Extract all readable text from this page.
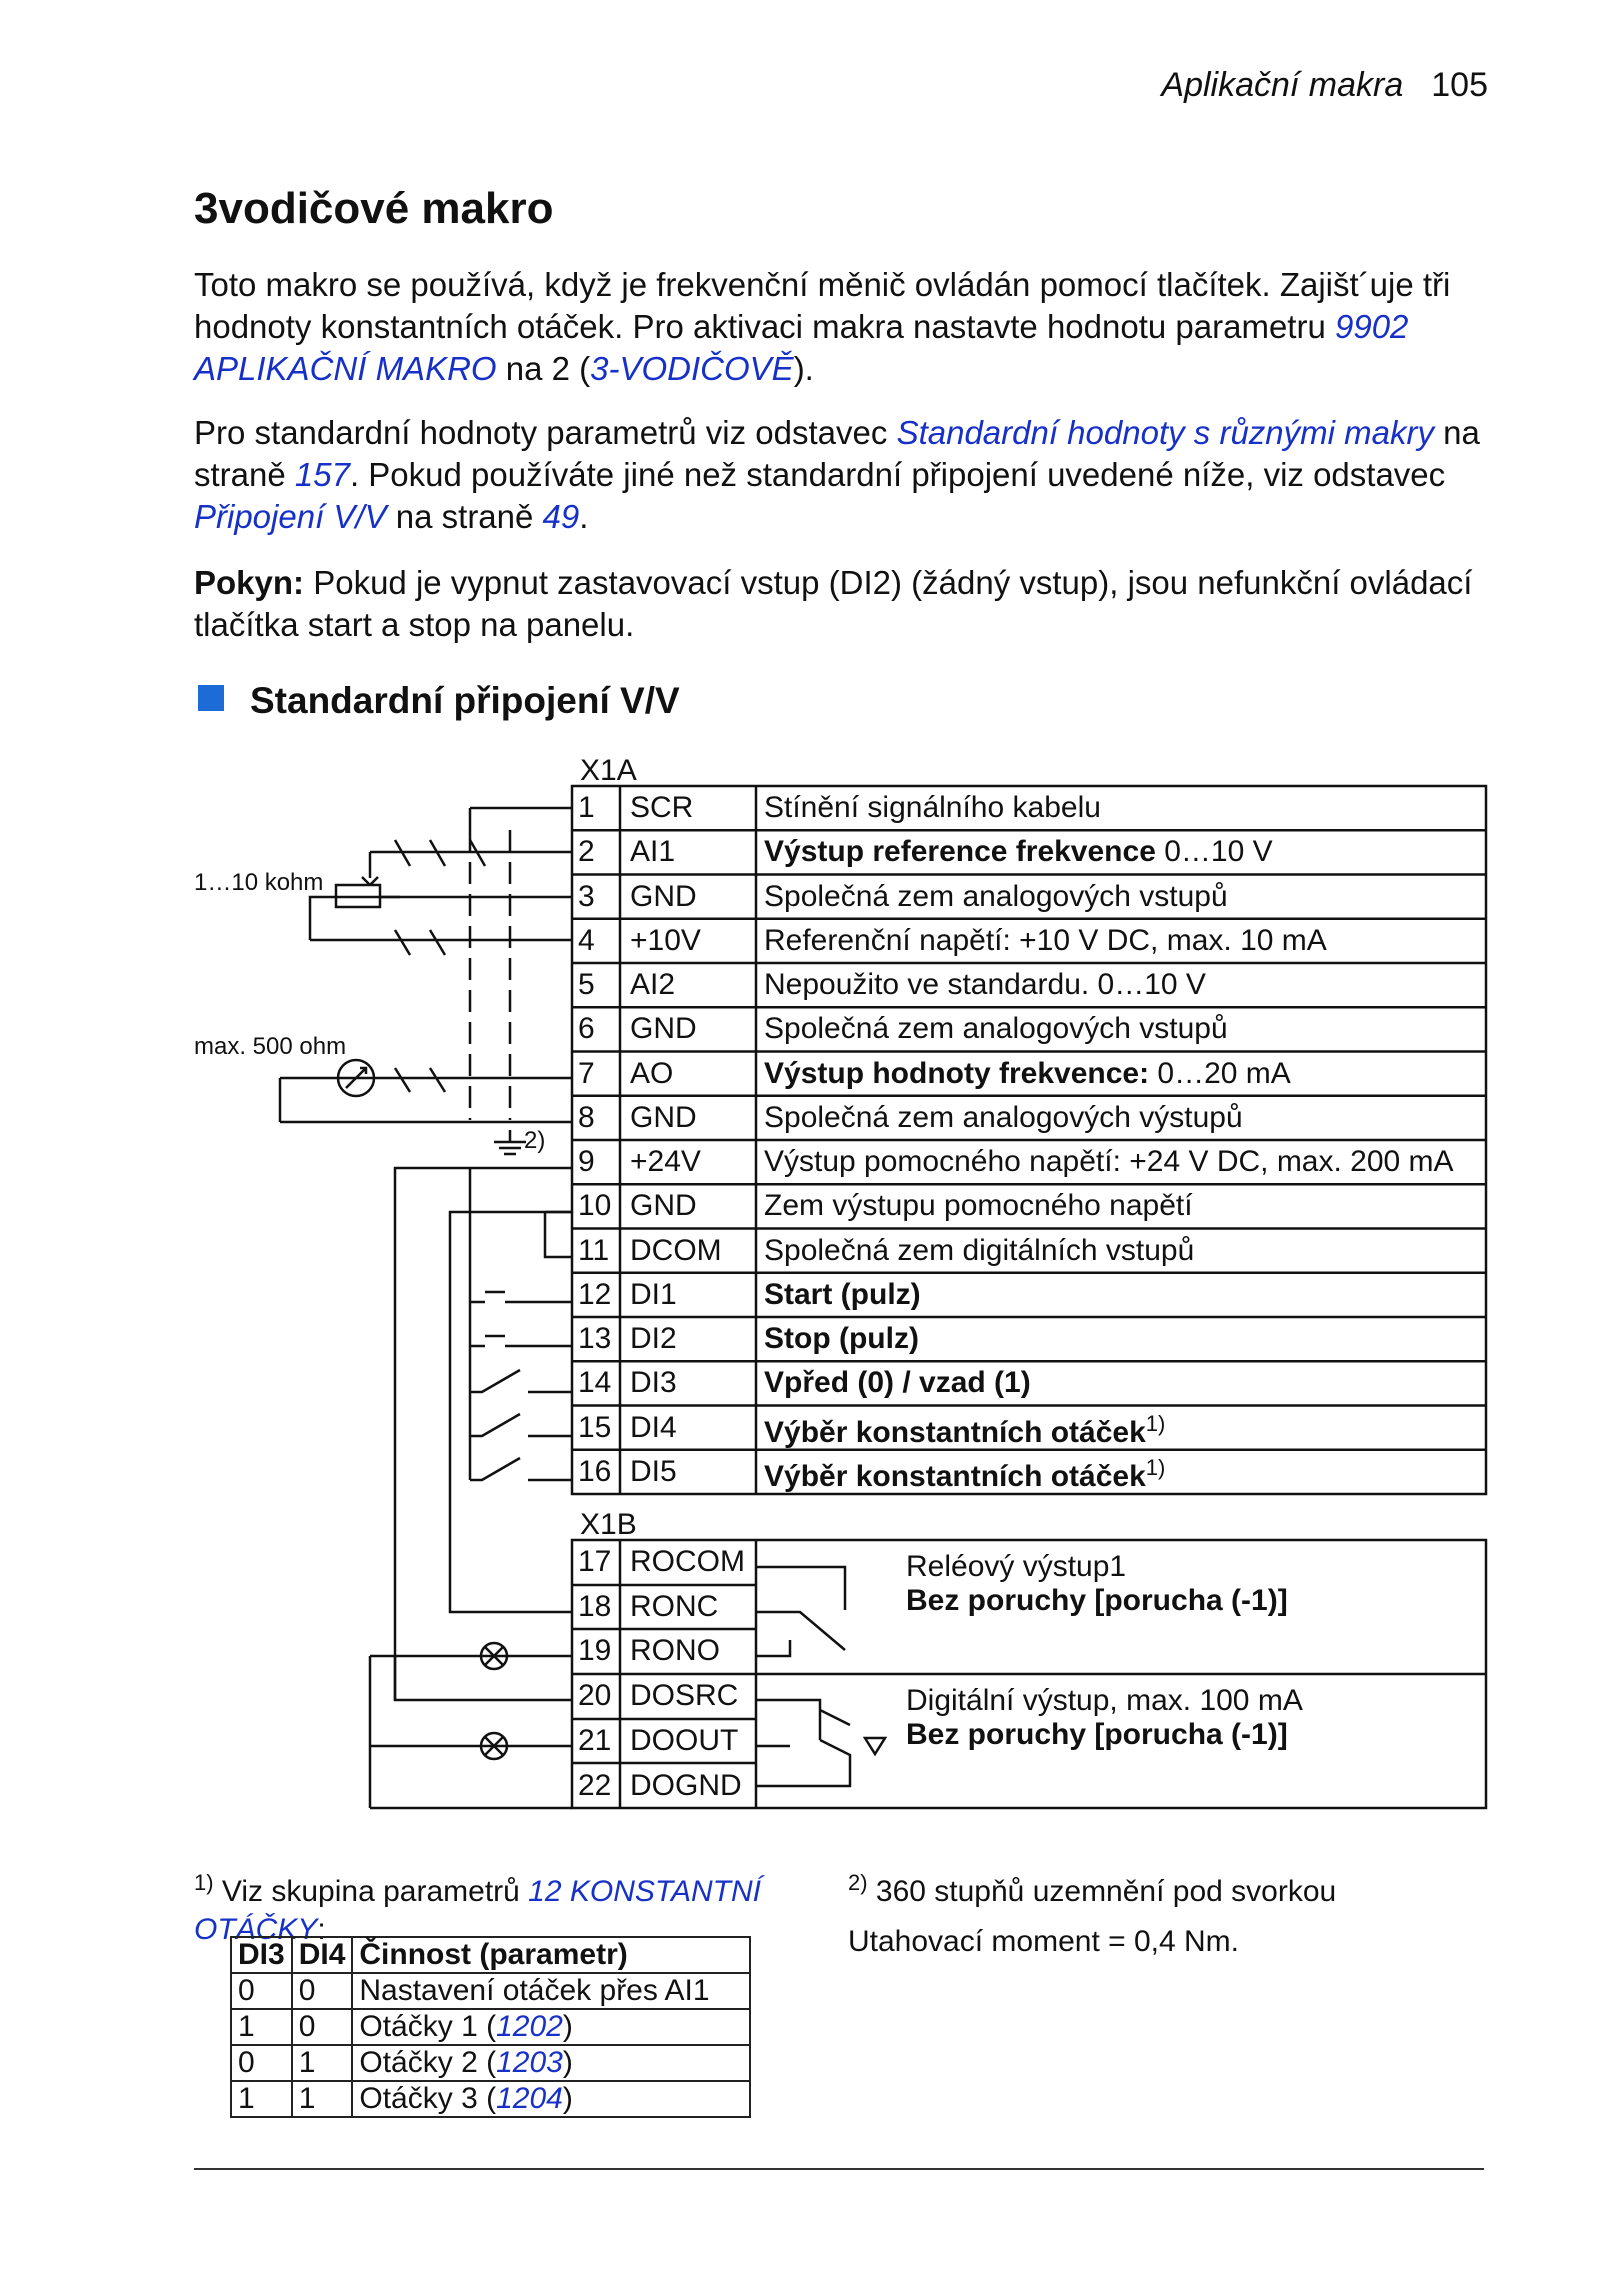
Aplikační makra 105
3vodičové makro
Toto makro se používá, když je frekvenční měnič ovládán pomocí tlačítek. Zajišt´uje tři hodnoty konstantních otáček. Pro aktivaci makra nastavte hodnotu parametru 9902 APLIKAČNÍ MAKRO na 2 (3-VODIČOVĚ).
Pro standardní hodnoty parametrů viz odstavec Standardní hodnoty s různými makry na straně 157. Pokud používáte jiné než standardní připojení uvedené níže, viz odstavec Připojení V/V na straně 49.
Pokyn: Pokud je vypnut zastavovací vstup (DI2) (žádný vstup), jsou nefunkční ovládací tlačítka start a stop na panelu.
Standardní připojení V/V
X1A
X1B
1…10 kohm
max. 500 ohm
2)
1 SCR Stínění signálního kabelu
2 AI1	Výstup reference frekvence 0…10 V
3 GND Společná zem analogových vstupů
4 +10V Referenční napětí: +10 V DC, max. 10 mA
5 AI2	Nepoužito ve standardu. 0…10 V
6 GND Společná zem analogových vstupů
7 AO	Výstup hodnoty frekvence: 0…20 mA
8 GND Společná zem analogových výstupů
9 +24V Výstup pomocného napětí: +24 V DC, max. 200 mA
10 GND Zem výstupu pomocného napětí
11 DCOM Společná zem digitálních vstupů
12 DI1	Start (pulz)
13 DI2	Stop (pulz)
14 DI3	Vpřed (0) / vzad (1)
15 DI4	Výběr konstantních otáček$^{1)}$
16 DI5	Výběr konstantních otáček$^{1)}$
17 ROCOM
18 RONC
19 RONO
20 DOSRC
21 DOOUT
22 DOGND
Reléový výstup1
Bez poruchy [porucha (-1)]
Digitální výstup, max. 100 mA
Bez poruchy [porucha (-1)]
$^{1)}$ Viz skupina parametrů 12 KONSTANTNÍ OTÁČKY:
$^{2)}$ 360 stupňů uzemnění pod svorkou
Utahovací moment = 0,4 Nm.
DI3	DI4	Činnost (parametr)
0	0	Nastavení otáček přes AI1
1	0	Otáčky 1 (1202)
0	1	Otáčky 2 (1203)
1	1	Otáčky 3 (1204)
